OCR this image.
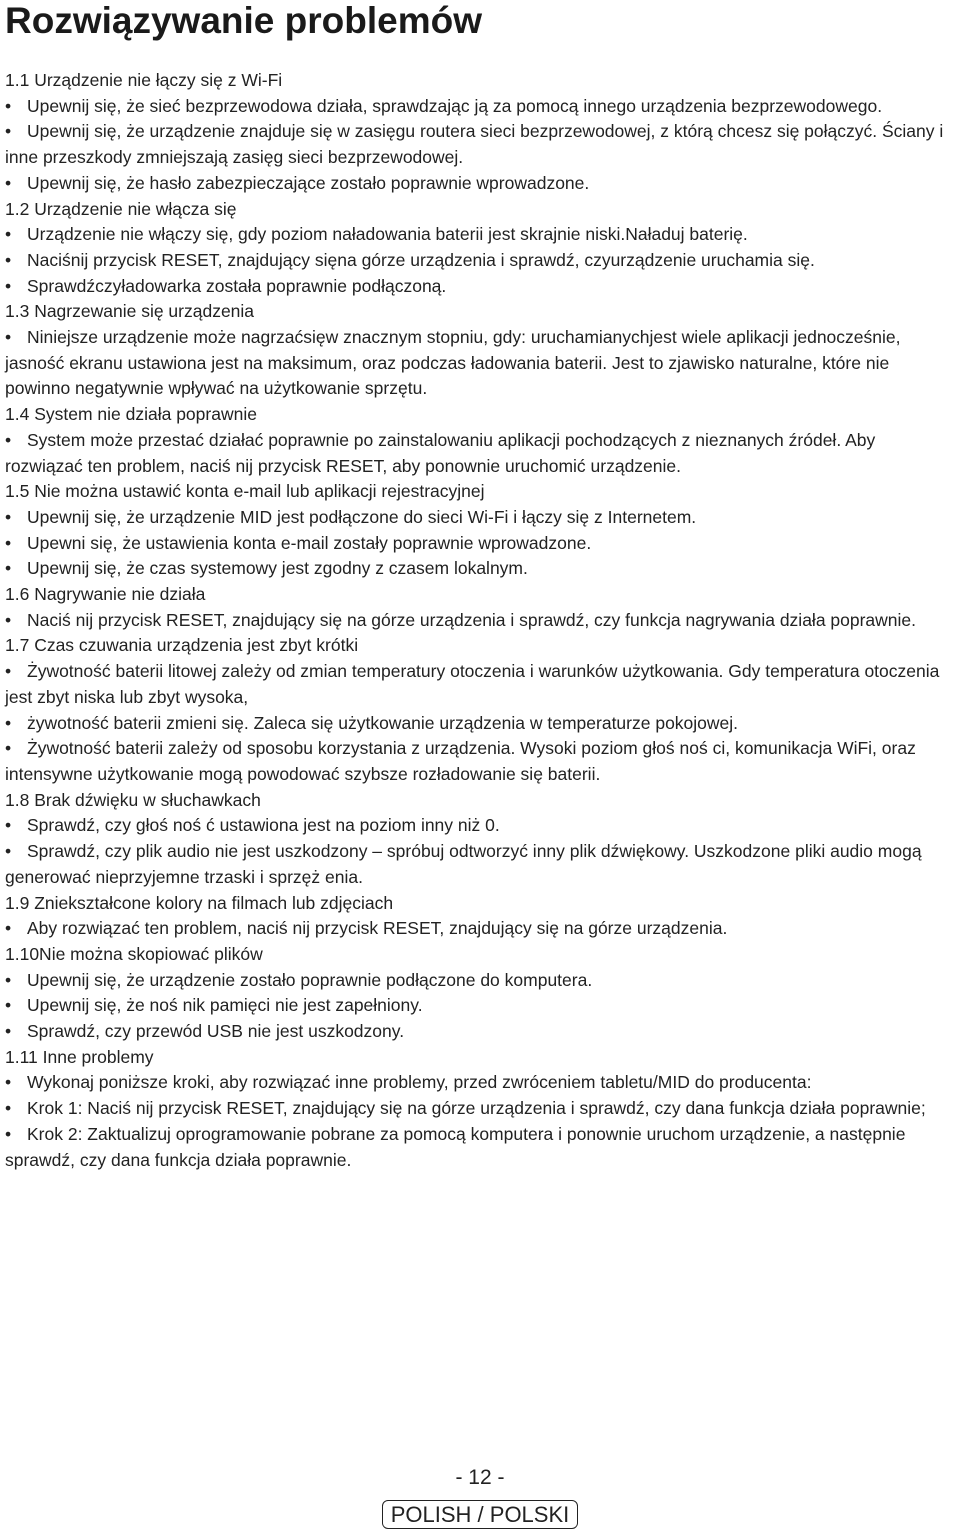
Rozwiązywanie problemów
1.1 Urządzenie nie łączy się z Wi-Fi
• Upewnij się, że sieć bezprzewodowa działa, sprawdzając ją za pomocą innego urządzenia bezprzewodowego.
• Upewnij się, że urządzenie znajduje się w zasięgu routera sieci bezprzewodowej, z którą chcesz się połączyć. Ściany i inne przeszkody zmniejszają zasięg sieci bezprzewodowej.
• Upewnij się, że hasło zabezpieczające zostało poprawnie wprowadzone.
1.2 Urządzenie nie włącza się
• Urządzenie nie włączy się, gdy poziom naładowania baterii jest skrajnie niski.Naładuj baterię.
• Naciśnij przycisk RESET, znajdujący sięna górze urządzenia i sprawdź, czyurządzenie uruchamia się.
• Sprawdźczyładowarka została poprawnie podłączoną.
1.3 Nagrzewanie się urządzenia
• Niniejsze urządzenie może nagrzaćsięw znacznym stopniu, gdy: uruchamianychjest wiele aplikacji jednocześnie, jasność ekranu ustawiona jest na maksimum, oraz podczas ładowania baterii. Jest to zjawisko naturalne, które nie powinno negatywnie wpływać na użytkowanie sprzętu.
1.4 System nie działa poprawnie
• System może przestać działać poprawnie po zainstalowaniu aplikacji pochodzących z nieznanych źródeł. Aby rozwiązać ten problem, naciś nij przycisk RESET, aby ponownie uruchomić urządzenie.
1.5 Nie można ustawić konta e-mail lub aplikacji rejestracyjnej
• Upewnij się, że urządzenie MID jest podłączone do sieci Wi-Fi i łączy się z Internetem.
• Upewni się, że ustawienia konta e-mail zostały poprawnie wprowadzone.
• Upewnij się, że czas systemowy jest zgodny z czasem lokalnym.
1.6 Nagrywanie nie działa
• Naciś nij przycisk RESET, znajdujący się na górze urządzenia i sprawdź, czy funkcja nagrywania działa poprawnie.
1.7 Czas czuwania urządzenia jest zbyt krótki
• Żywotność baterii litowej zależy od zmian temperatury otoczenia i warunków użytkowania. Gdy temperatura otoczenia jest zbyt niska lub zbyt wysoka,
• żywotność baterii zmieni się. Zaleca się użytkowanie urządzenia w temperaturze pokojowej.
• Żywotność baterii zależy od sposobu korzystania z urządzenia. Wysoki poziom głoś noś ci, komunikacja WiFi, oraz intensywne użytkowanie mogą powodować szybsze rozładowanie się baterii.
1.8 Brak dźwięku w słuchawkach
• Sprawdź, czy głoś noś ć ustawiona jest na poziom inny niż 0.
• Sprawdź, czy plik audio nie jest uszkodzony – spróbuj odtworzyć inny plik dźwiękowy. Uszkodzone pliki audio mogą generować nieprzyjemne trzaski i sprzęż enia.
1.9 Zniekształcone kolory na filmach lub zdjęciach
• Aby rozwiązać ten problem, naciś nij przycisk RESET, znajdujący się na górze urządzenia.
1.10Nie można skopiować plików
• Upewnij się, że urządzenie zostało poprawnie podłączone do komputera.
• Upewnij się, że noś nik pamięci nie jest zapełniony.
• Sprawdź, czy przewód USB nie jest uszkodzony.
1.11 Inne problemy
• Wykonaj poniższe kroki, aby rozwiązać inne problemy, przed zwróceniem tabletu/MID do producenta:
• Krok 1: Naciś nij przycisk RESET, znajdujący się na górze urządzenia i sprawdź, czy dana funkcja działa poprawnie;
• Krok 2: Zaktualizuj oprogramowanie pobrane za pomocą komputera i ponownie uruchom urządzenie, a następnie sprawdź, czy dana funkcja działa poprawnie.
- 12 -
POLISH / POLSKI
